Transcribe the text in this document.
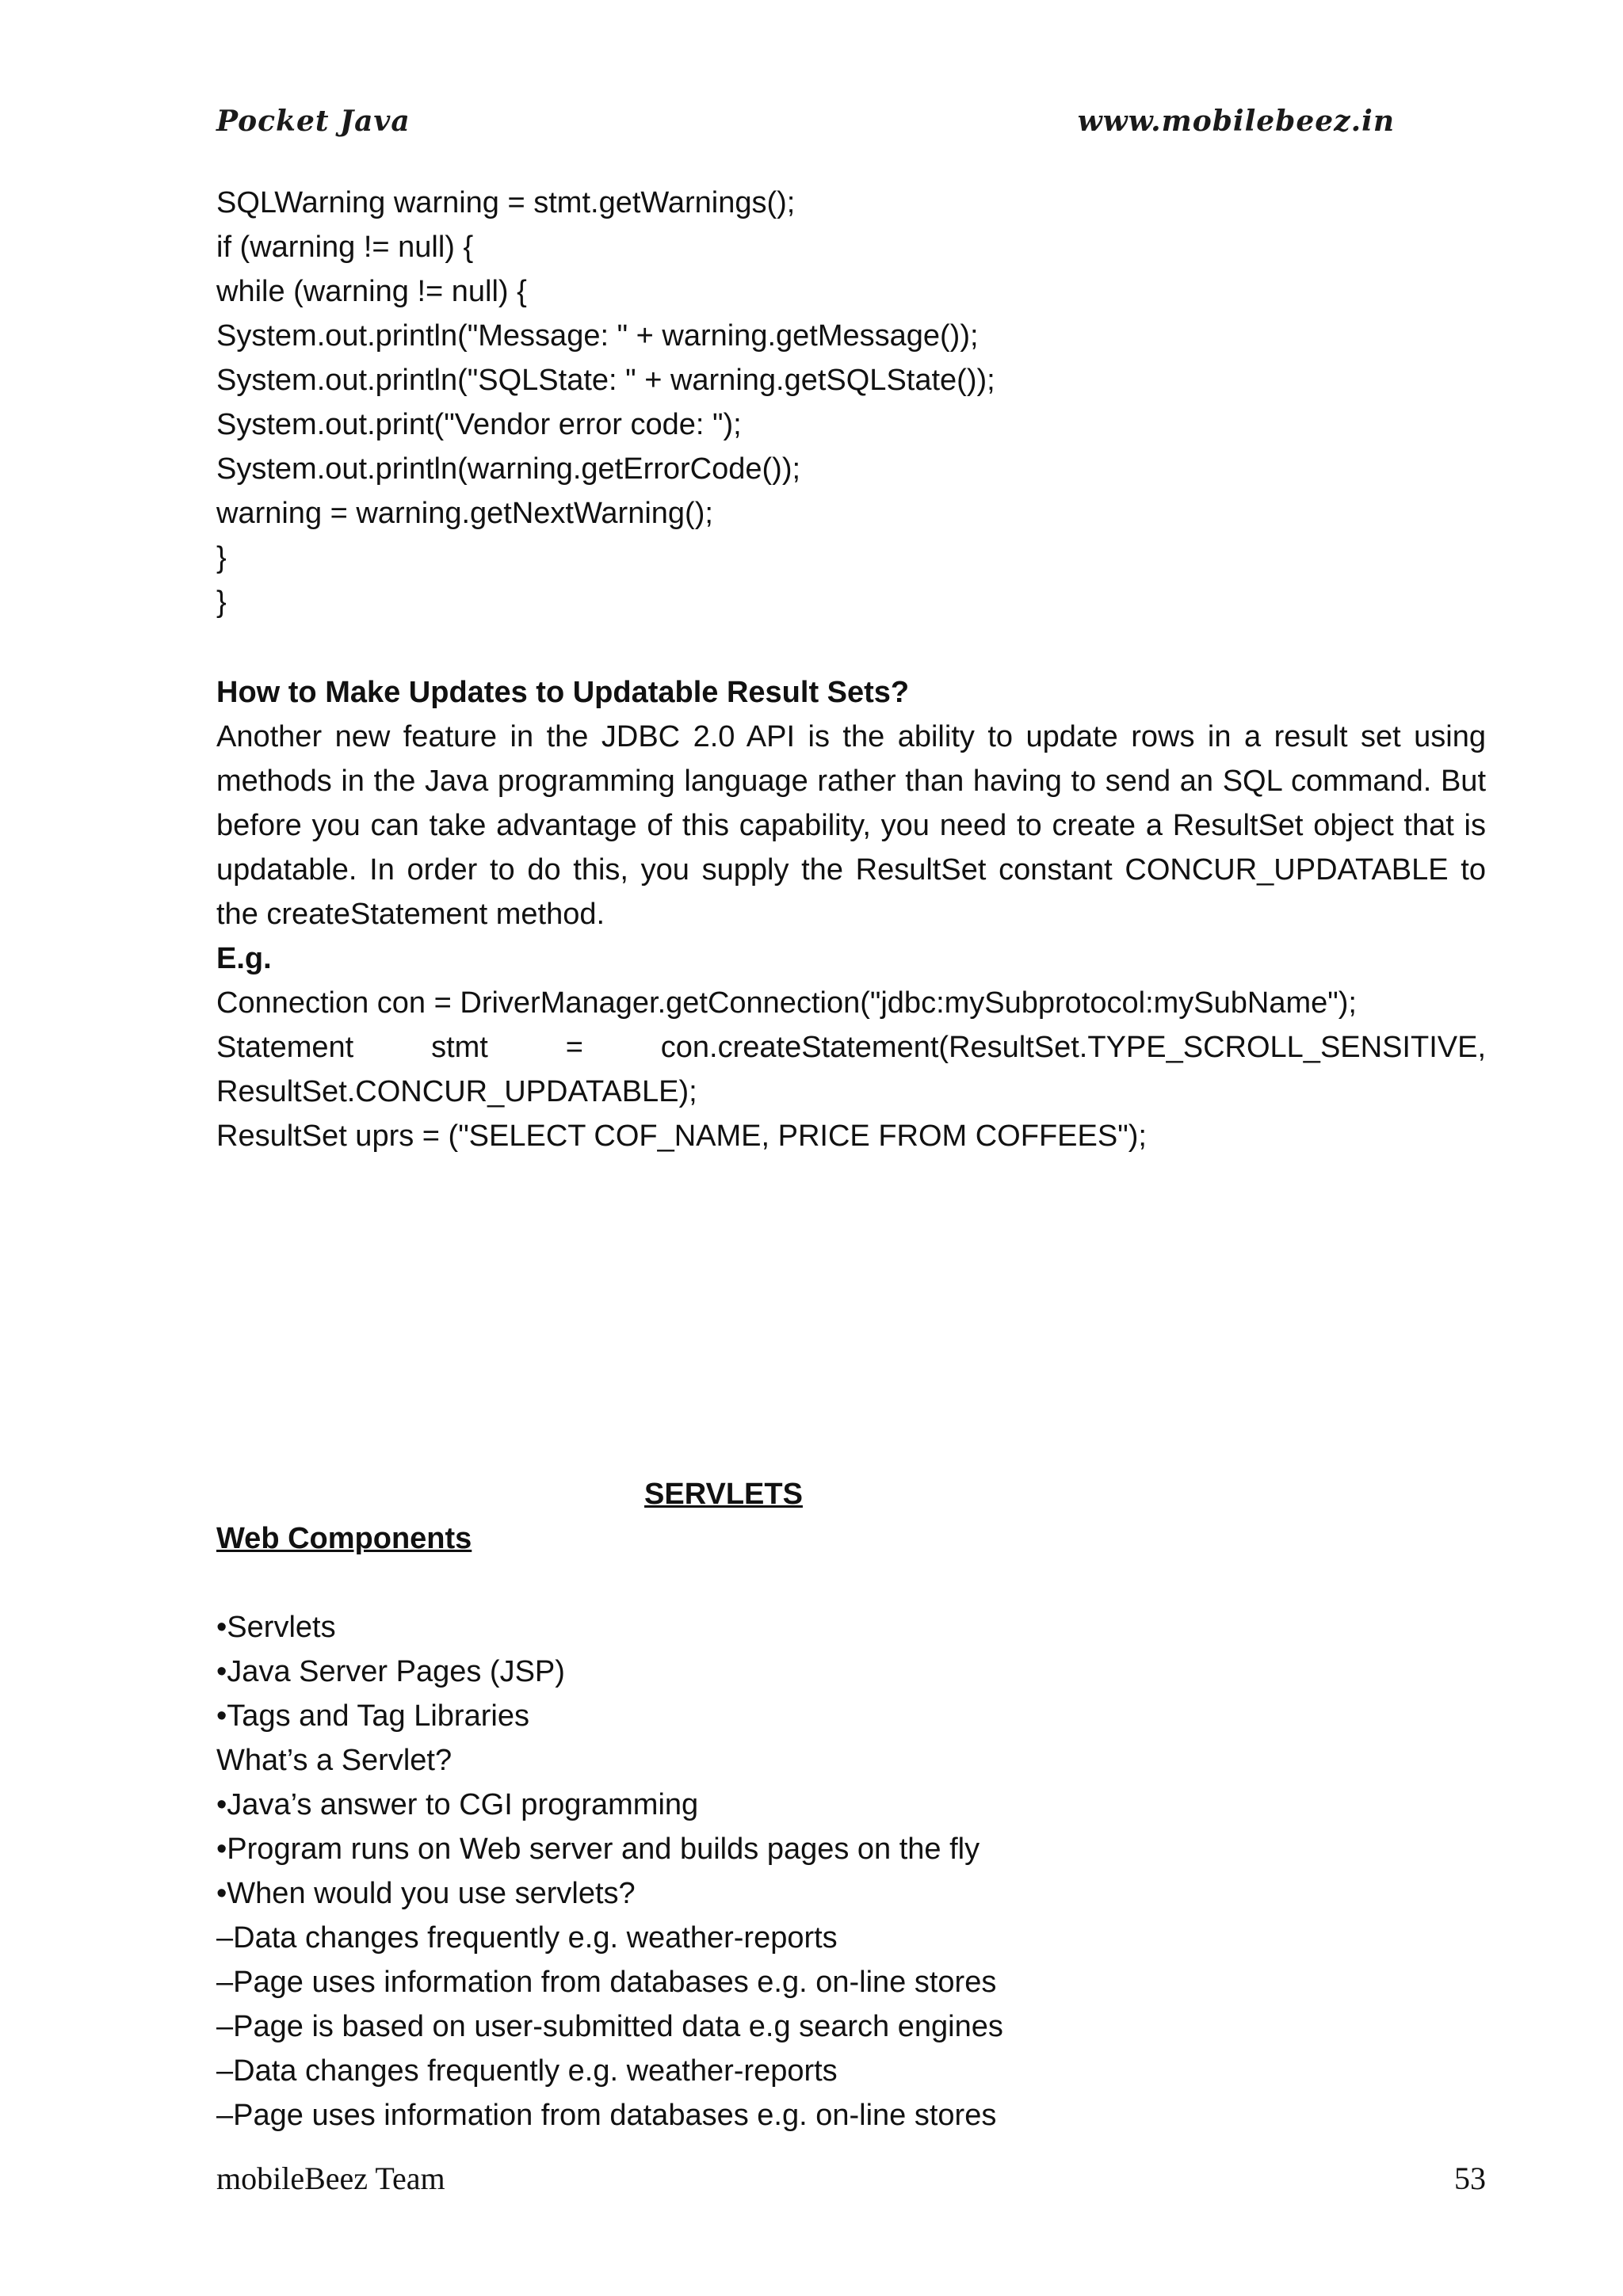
Pocket Java	www.mobilebeez.in
SQLWarning warning = stmt.getWarnings();
if (warning != null) {
while (warning != null) {
System.out.println("Message: " + warning.getMessage());
System.out.println("SQLState: " + warning.getSQLState());
System.out.print("Vendor error code: ");
System.out.println(warning.getErrorCode());
warning = warning.getNextWarning();
}
}
How to Make Updates to Updatable Result Sets?
Another new feature in the JDBC 2.0 API is the ability to update rows in a result set using methods in the Java programming language rather than having to send an SQL command. But before you can take advantage of this capability, you need to create a ResultSet object that is updatable. In order to do this, you supply the ResultSet constant CONCUR_UPDATABLE to the createStatement method.
E.g.
Connection con = DriverManager.getConnection("jdbc:mySubprotocol:mySubName");
Statement stmt = con.createStatement(ResultSet.TYPE_SCROLL_SENSITIVE,
ResultSet.CONCUR_UPDATABLE);
ResultSet uprs = ("SELECT COF_NAME, PRICE FROM COFFEES");
SERVLETS
Web Components
•Servlets
•Java Server Pages (JSP)
•Tags and Tag Libraries
What’s a Servlet?
•Java’s answer to CGI programming
•Program runs on Web server and builds pages on the fly
•When would you use servlets?
–Data changes frequently e.g. weather-reports
–Page uses information from databases e.g. on-line stores
–Page is based on user-submitted data e.g search engines
–Data changes frequently e.g. weather-reports
–Page uses information from databases e.g. on-line stores
mobileBeez Team	53
